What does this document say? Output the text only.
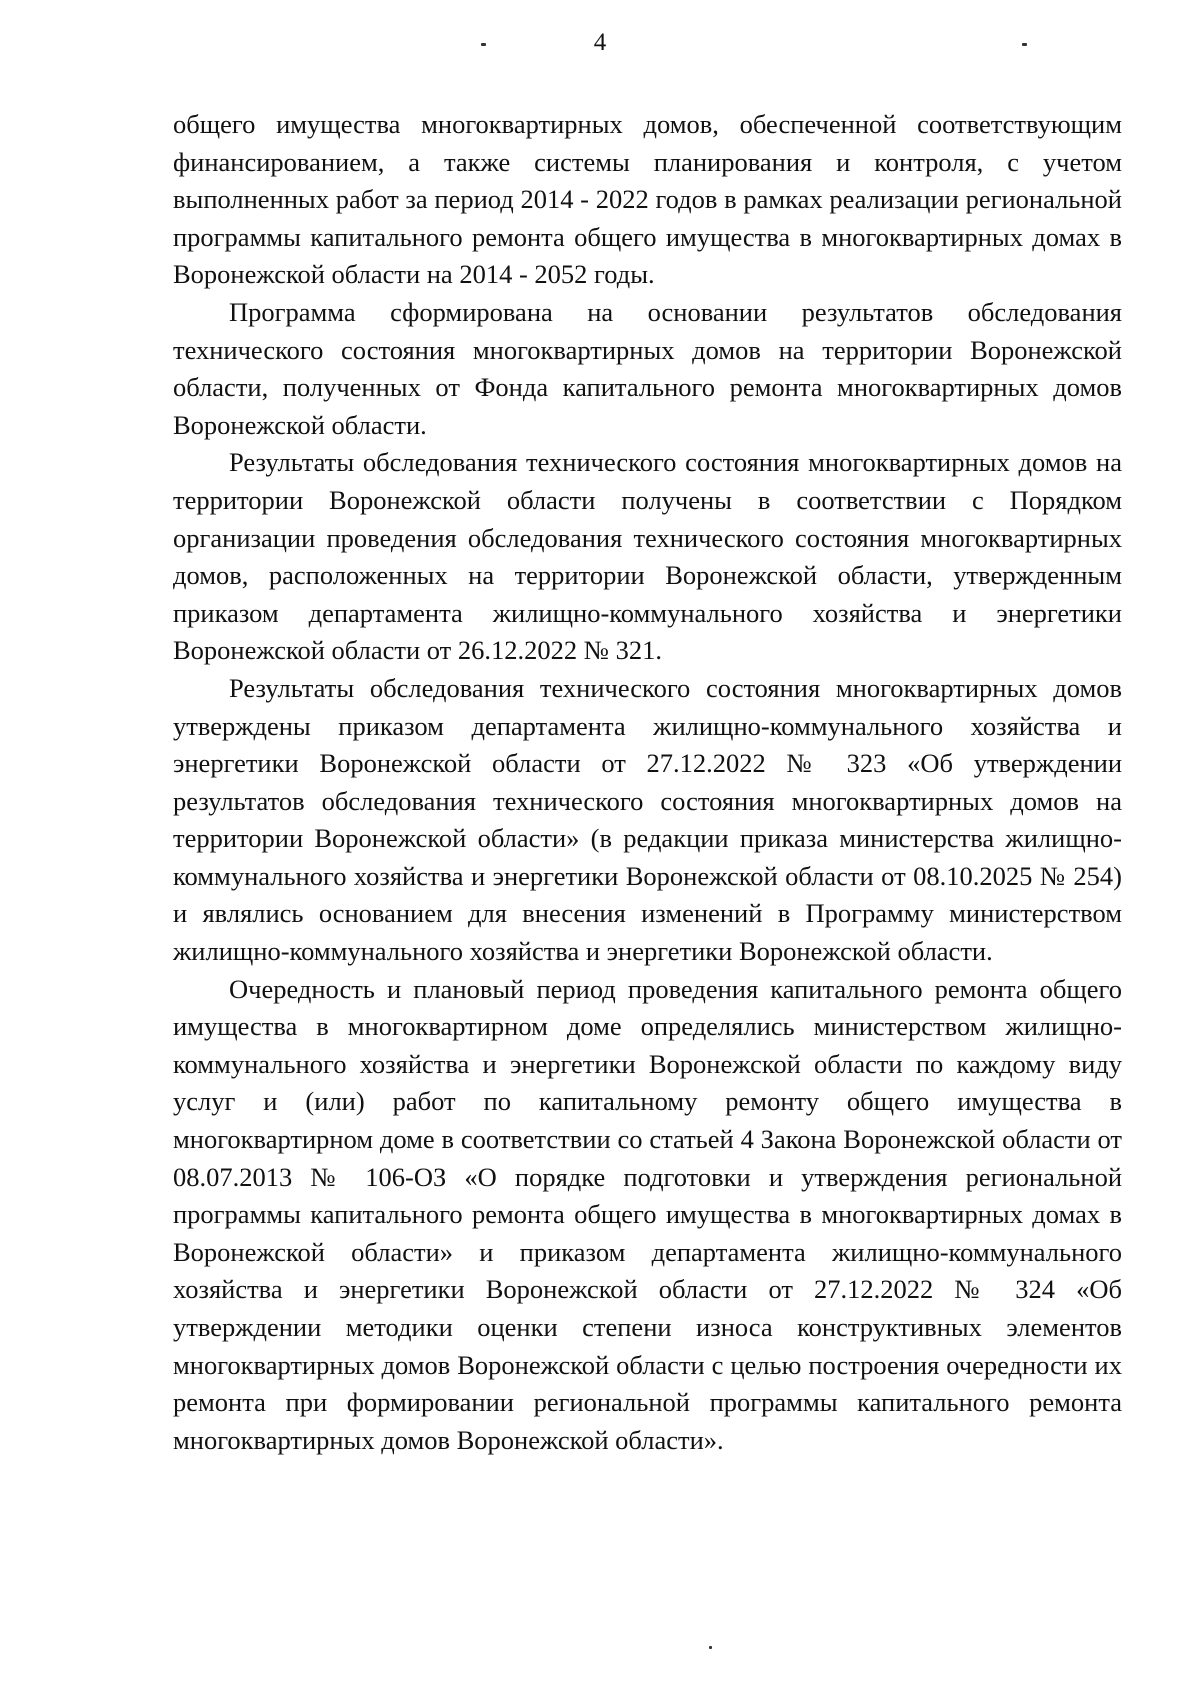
4

общего имущества многоквартирных домов, обеспеченной соответствующим финансированием, а также системы планирования и контроля, с учетом выполненных работ за период 2014 - 2022 годов в рамках реализации региональной программы капитального ремонта общего имущества в многоквартирных домах в Воронежской области на 2014 - 2052 годы.

Программа сформирована на основании результатов обследования технического состояния многоквартирных домов на территории Воронежской области, полученных от Фонда капитального ремонта многоквартирных домов Воронежской области.

Результаты обследования технического состояния многоквартирных домов на территории Воронежской области получены в соответствии с Порядком организации проведения обследования технического состояния многоквартирных домов, расположенных на территории Воронежской области, утвержденным приказом департамента жилищно-коммунального хозяйства и энергетики Воронежской области от 26.12.2022 № 321.

Результаты обследования технического состояния многоквартирных домов утверждены приказом департамента жилищно-коммунального хозяйства и энергетики Воронежской области от 27.12.2022 № 323 «Об утверждении результатов обследования технического состояния многоквартирных домов на территории Воронежской области» (в редакции приказа министерства жилищно-коммунального хозяйства и энергетики Воронежской области от 08.10.2025 № 254) и являлись основанием для внесения изменений в Программу министерством жилищно-коммунального хозяйства и энергетики Воронежской области.

Очередность и плановый период проведения капитального ремонта общего имущества в многоквартирном доме определялись министерством жилищно-коммунального хозяйства и энергетики Воронежской области по каждому виду услуг и (или) работ по капитальному ремонту общего имущества в многоквартирном доме в соответствии со статьей 4 Закона Воронежской области от 08.07.2013 № 106-ОЗ «О порядке подготовки и утверждения региональной программы капитального ремонта общего имущества в многоквартирных домах в Воронежской области» и приказом департамента жилищно-коммунального хозяйства и энергетики Воронежской области от 27.12.2022 № 324 «Об утверждении методики оценки степени износа конструктивных элементов многоквартирных домов Воронежской области с целью построения очередности их ремонта при формировании региональной программы капитального ремонта многоквартирных домов Воронежской области».
